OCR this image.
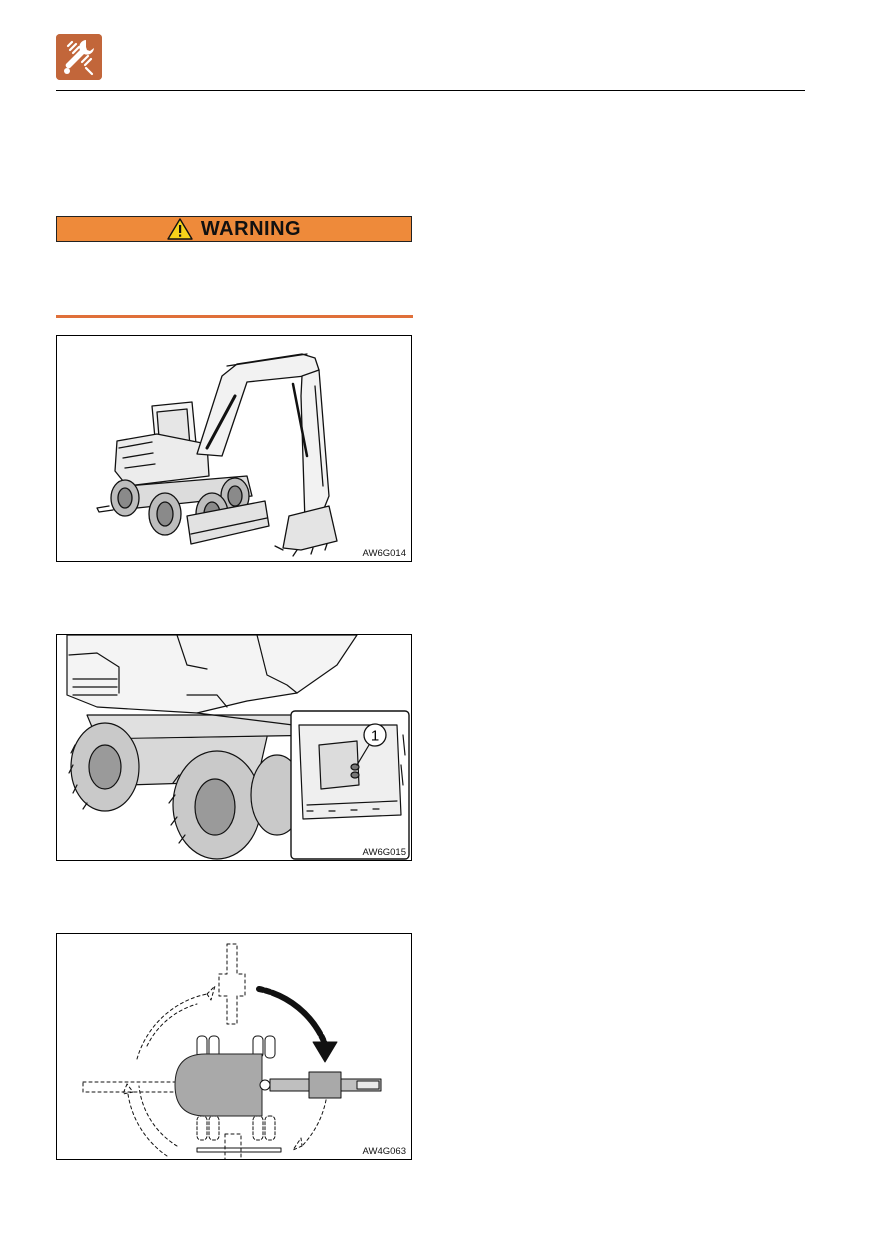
WARNING
AW6G014
1
AW6G015
AW4G063
